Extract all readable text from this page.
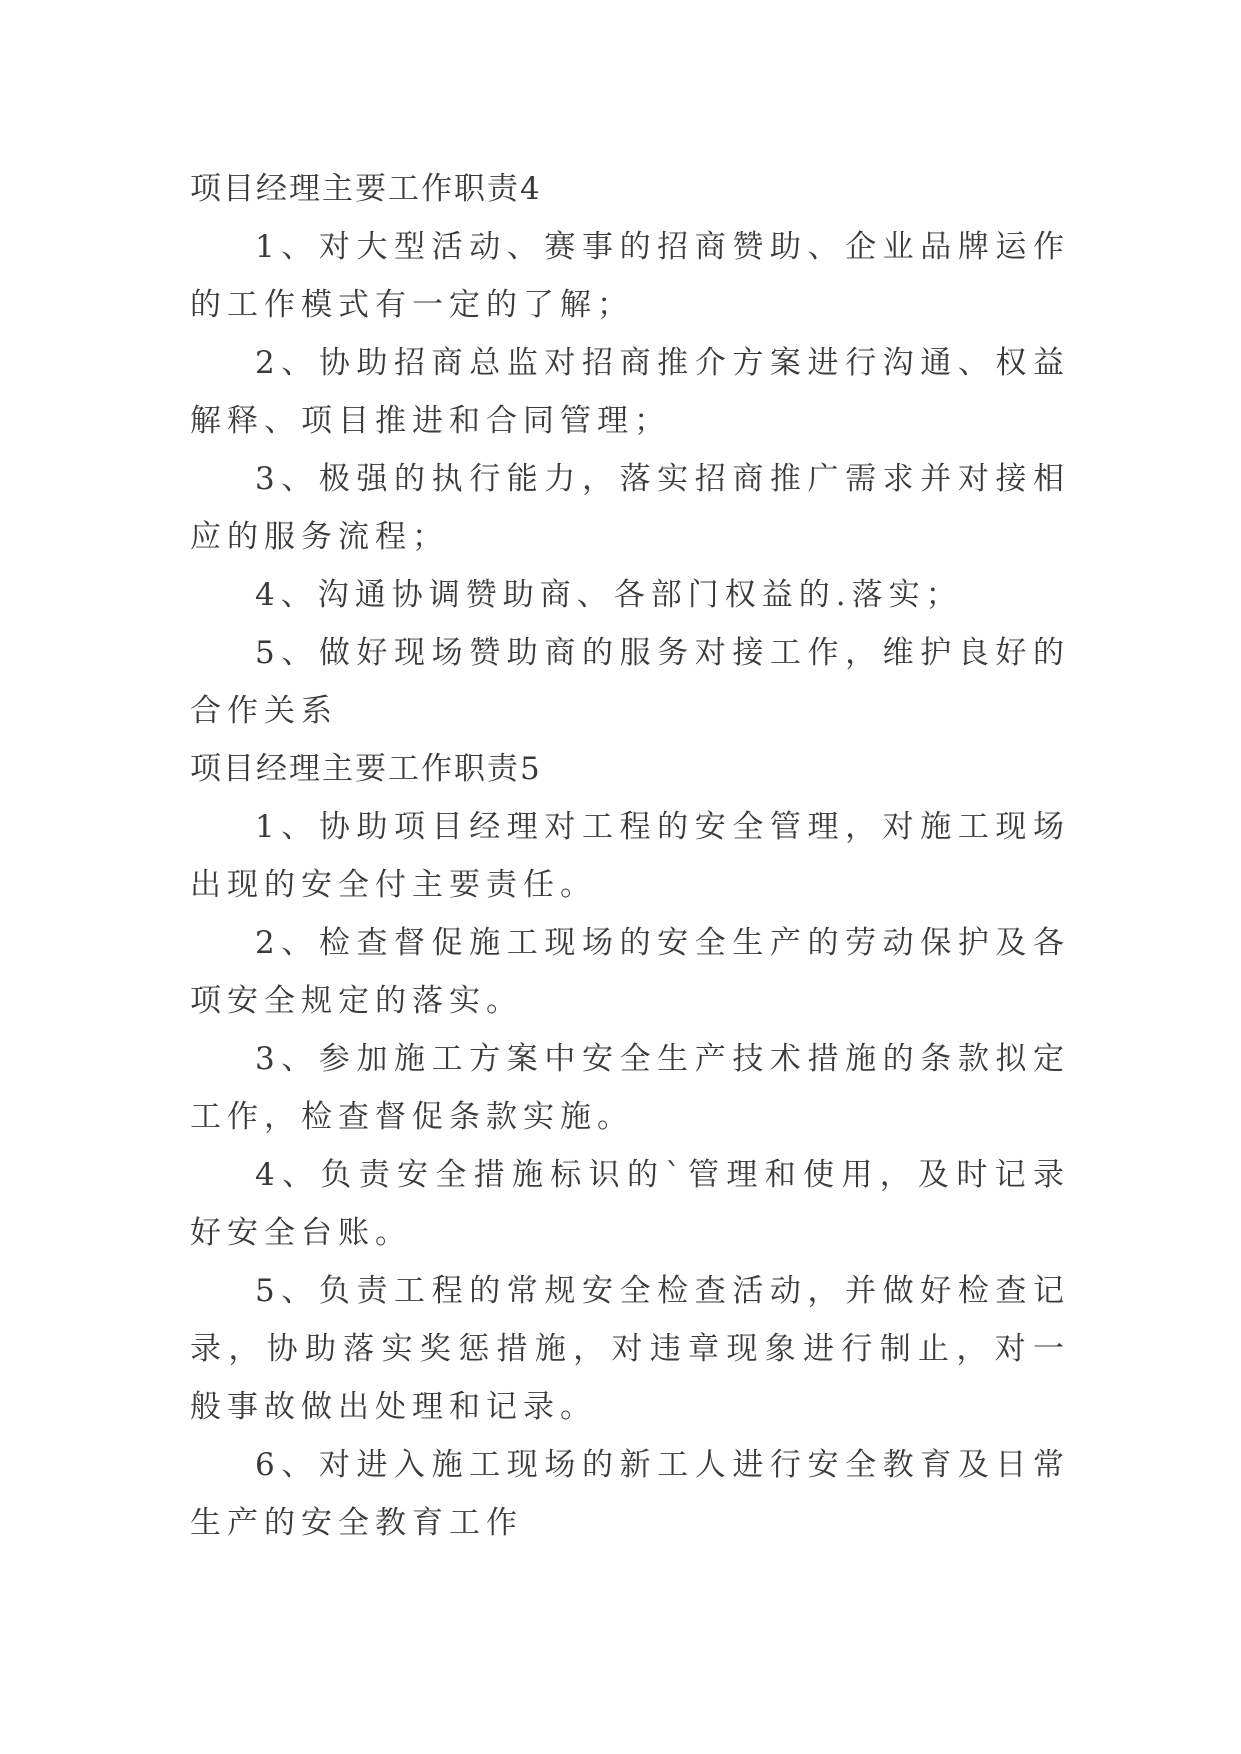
项目经理主要工作职责4

1、对大型活动、赛事的招商赞助、企业品牌运作的工作模式有一定的了解；

2、协助招商总监对招商推介方案进行沟通、权益解释、项目推进和合同管理；

3、极强的执行能力，落实招商推广需求并对接相应的服务流程；

4、沟通协调赞助商、各部门权益的.落实；

5、做好现场赞助商的服务对接工作，维护良好的合作关系

项目经理主要工作职责5

1、协助项目经理对工程的安全管理，对施工现场出现的安全付主要责任。

2、检查督促施工现场的安全生产的劳动保护及各项安全规定的落实。

3、参加施工方案中安全生产技术措施的条款拟定工作，检查督促条款实施。

4、负责安全措施标识的`管理和使用，及时记录好安全台账。

5、负责工程的常规安全检查活动，并做好检查记录，协助落实奖惩措施，对违章现象进行制止，对一般事故做出处理和记录。

6、对进入施工现场的新工人进行安全教育及日常生产的安全教育工作
